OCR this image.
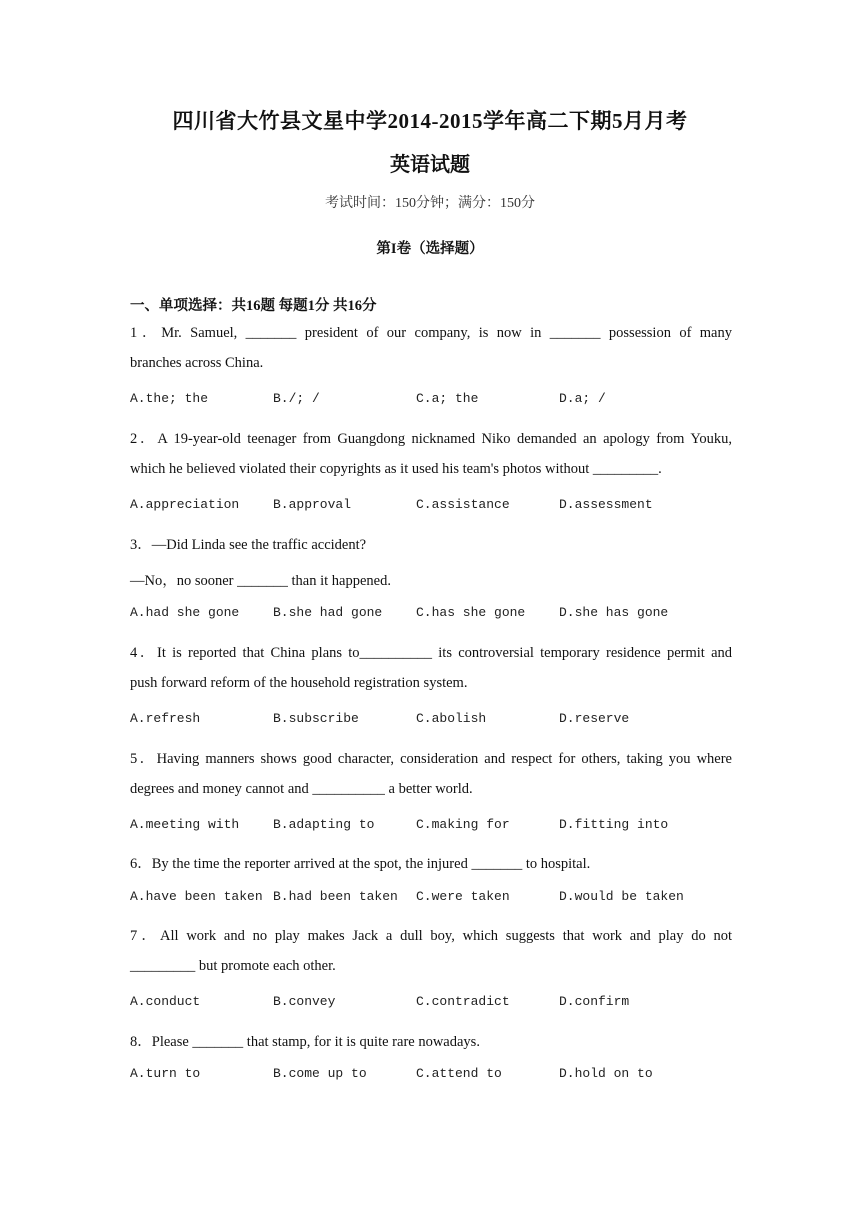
四川省大竹县文星中学2014-2015学年高二下期5月月考
英语试题
考试时间：150分钟；满分：150分
第I卷（选择题）
一、单项选择：共16题 每题1分 共16分
1．Mr. Samuel, _______ president of our company, is now in _______ possession of many
branches across China.
A.the; the	B./; /	C.a; the	D.a; /
2．A 19-year-old teenager from Guangdong nicknamed Niko demanded an apology from Youku,
which he believed violated their copyrights as it used his team's photos without _________.
A.appreciation	B.approval	C.assistance	D.assessment
3．—Did Linda see the traffic accident?
—No，no sooner _______ than it happened.
A.had she gone	B.she had gone	C.has she gone	D.she has gone
4．It is reported that China plans to__________ its controversial temporary residence permit and
push forward reform of the household registration system.
A.refresh	B.subscribe	C.abolish	D.reserve
5．Having manners shows good character, consideration and respect for others, taking you where
degrees and money cannot and __________ a better world.
A.meeting with	B.adapting to	C.making for	D.fitting into
6．By the time the reporter arrived at the spot, the injured _______ to hospital.
A.have been taken B.had been taken C.were taken	D.would be taken
7．All work and no play makes Jack a dull boy, which suggests that work and play do not
_________ but promote each other.
A.conduct	B.convey	C.contradict	D.confirm
8．Please _______ that stamp, for it is quite rare nowadays.
A.turn to	B.come up to	C.attend to	D.hold on to
